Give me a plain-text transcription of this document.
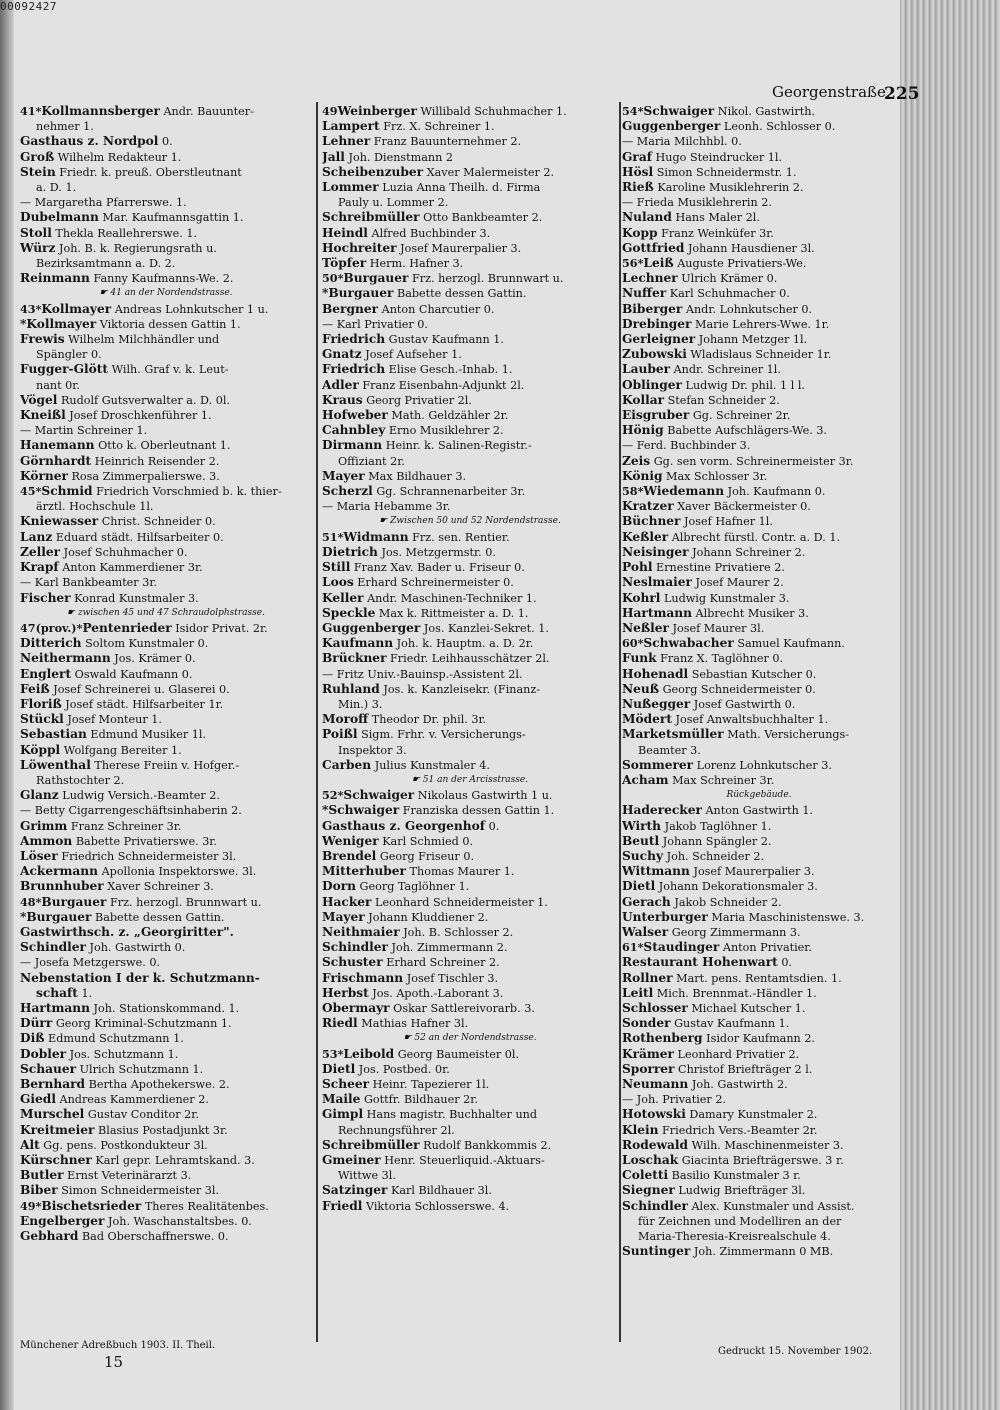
00092427
Georgenstraße.
225
41*Kollmannsberger Andr. Bauunter-
nehmer 1.
Gasthaus z. Nordpol 0.
Groß Wilhelm Redakteur 1.
Stein Friedr. k. preuß. Oberstleutnant
a. D. 1.
— Margaretha Pfarrerswe. 1.
Dubelmann Mar. Kaufmannsgattin 1.
Stoll Thekla Reallehrerswe. 1.
Würz Joh. B. k. Regierungsrath u.
Bezirksamtmann a. D. 2.
Reinmann Fanny Kaufmanns-We. 2.
☛ 41 an der Nordendstrasse.
43*Kollmayer Andreas Lohnkutscher 1 u.
*Kollmayer Viktoria dessen Gattin 1.
Frewis Wilhelm Milchhändler und
Spängler 0.
Fugger-Glött Wilh. Graf v. k. Leut-
nant 0r.
Vögel Rudolf Gutsverwalter a. D. 0l.
Kneißl Josef Droschkenführer 1.
— Martin Schreiner 1.
Hanemann Otto k. Oberleutnant 1.
Görnhardt Heinrich Reisender 2.
Körner Rosa Zimmerpalierswe. 3.
45*Schmid Friedrich Vorschmied b. k. thier-
ärztl. Hochschule 1l.
Kniewasser Christ. Schneider 0.
Lanz Eduard städt. Hilfsarbeiter 0.
Zeller Josef Schuhmacher 0.
Krapf Anton Kammerdiener 3r.
— Karl Bankbeamter 3r.
Fischer Konrad Kunstmaler 3.
☛ zwischen 45 und 47 Schraudolphstrasse.
47(prov.)*Pentenrieder Isidor Privat. 2r.
Ditterich Soltom Kunstmaler 0.
Neithermann Jos. Krämer 0.
Englert Oswald Kaufmann 0.
Feiß Josef Schreinerei u. Glaserei 0.
Floriß Josef städt. Hilfsarbeiter 1r.
Stückl Josef Monteur 1.
Sebastian Edmund Musiker 1l.
Köppl Wolfgang Bereiter 1.
Löwenthal Therese Freiin v. Hofger.-
Rathstochter 2.
Glanz Ludwig Versich.-Beamter 2.
— Betty Cigarrengeschäftsinhaberin 2.
Grimm Franz Schreiner 3r.
Ammon Babette Privatierswe. 3r.
Löser Friedrich Schneidermeister 3l.
Ackermann Apollonia Inspektorswe. 3l.
Brunnhuber Xaver Schreiner 3.
48*Burgauer Frz. herzogl. Brunnwart u.
*Burgauer Babette dessen Gattin.
Gastwirthsch. z. „Georgiritter".
Schindler Joh. Gastwirth 0.
— Josefa Metzgerswe. 0.
Nebenstation I der k. Schutzmann-
schaft 1.
Hartmann Joh. Stationskommand. 1.
Dürr Georg Kriminal-Schutzmann 1.
Diß Edmund Schutzmann 1.
Dobler Jos. Schutzmann 1.
Schauer Ulrich Schutzmann 1.
Bernhard Bertha Apothekerswe. 2.
Giedl Andreas Kammerdiener 2.
Murschel Gustav Conditor 2r.
Kreitmeier Blasius Postadjunkt 3r.
Alt Gg. pens. Postkondukteur 3l.
Kürschner Karl gepr. Lehramtskand. 3.
Butler Ernst Veterinärarzt 3.
Biber Simon Schneidermeister 3l.
49*Bischetsrieder Theres Realitätenbes.
Engelberger Joh. Waschanstaltsbes. 0.
Gebhard Bad Oberschaffnerswe. 0.
49Weinberger Willibald Schuhmacher 1.
Lampert Frz. X. Schreiner 1.
Lehner Franz Bauunternehmer 2.
Jall Joh. Dienstmann 2
Scheibenzuber Xaver Malermeister 2.
Lommer Luzia Anna Theilh. d. Firma
Pauly u. Lommer 2.
Schreibmüller Otto Bankbeamter 2.
Heindl Alfred Buchbinder 3.
Hochreiter Josef Maurerpalier 3.
Töpfer Herm. Hafner 3.
50*Burgauer Frz. herzogl. Brunnwart u.
*Burgauer Babette dessen Gattin.
Bergner Anton Charcutier 0.
— Karl Privatier 0.
Friedrich Gustav Kaufmann 1.
Gnatz Josef Aufseher 1.
Friedrich Elise Gesch.-Inhab. 1.
Adler Franz Eisenbahn-Adjunkt 2l.
Kraus Georg Privatier 2l.
Hofweber Math. Geldzähler 2r.
Cahnbley Erno Musiklehrer 2.
Dirmann Heinr. k. Salinen-Registr.-
Offiziant 2r.
Mayer Max Bildhauer 3.
Scherzl Gg. Schrannenarbeiter 3r.
— Maria Hebamme 3r.
☛ Zwischen 50 und 52 Nordendstrasse.
51*Widmann Frz. sen. Rentier.
Dietrich Jos. Metzgermstr. 0.
Still Franz Xav. Bader u. Friseur 0.
Loos Erhard Schreinermeister 0.
Keller Andr. Maschinen-Techniker 1.
Speckle Max k. Rittmeister a. D. 1.
Guggenberger Jos. Kanzlei-Sekret. 1.
Kaufmann Joh. k. Hauptm. a. D. 2r.
Brückner Friedr. Leihhausschätzer 2l.
— Fritz Univ.-Bauinsp.-Assistent 2l.
Ruhland Jos. k. Kanzleisekr. (Finanz-
Min.) 3.
Moroff Theodor Dr. phil. 3r.
Poißl Sigm. Frhr. v. Versicherungs-
Inspektor 3.
Carben Julius Kunstmaler 4.
☛ 51 an der Arcisstrasse.
52*Schwaiger Nikolaus Gastwirth 1 u.
*Schwaiger Franziska dessen Gattin 1.
Gasthaus z. Georgenhof 0.
Weniger Karl Schmied 0.
Brendel Georg Friseur 0.
Mitterhuber Thomas Maurer 1.
Dorn Georg Taglöhner 1.
Hacker Leonhard Schneidermeister 1.
Mayer Johann Kluddiener 2.
Neithmaier Joh. B. Schlosser 2.
Schindler Joh. Zimmermann 2.
Schuster Erhard Schreiner 2.
Frischmann Josef Tischler 3.
Herbst Jos. Apoth.-Laborant 3.
Obermayr Oskar Sattlereivorarb. 3.
Riedl Mathias Hafner 3l.
☛ 52 an der Nordendstrasse.
53*Leibold Georg Baumeister 0l.
Dietl Jos. Postbed. 0r.
Scheer Heinr. Tapezierer 1l.
Maile Gottfr. Bildhauer 2r.
Gimpl Hans magistr. Buchhalter und
Rechnungsführer 2l.
Schreibmüller Rudolf Bankkommis 2.
Gmeiner Henr. Steuerliquid.-Aktuars-
Wittwe 3l.
Satzinger Karl Bildhauer 3l.
Friedl Viktoria Schlosserswe. 4.
54*Schwaiger Nikol. Gastwirth.
Guggenberger Leonh. Schlosser 0.
— Maria Milchhbl. 0.
Graf Hugo Steindrucker 1l.
Hösl Simon Schneidermstr. 1.
Rieß Karoline Musiklehrerin 2.
— Frieda Musiklehrerin 2.
Nuland Hans Maler 2l.
Kopp Franz Weinküfer 3r.
Gottfried Johann Hausdiener 3l.
56*Leiß Auguste Privatiers-We.
Lechner Ulrich Krämer 0.
Nuffer Karl Schuhmacher 0.
Biberger Andr. Lohnkutscher 0.
Drebinger Marie Lehrers-Wwe. 1r.
Gerleigner Johann Metzger 1l.
Zubowski Wladislaus Schneider 1r.
Lauber Andr. Schreiner 1l.
Oblinger Ludwig Dr. phil. 1 l l.
Kollar Stefan Schneider 2.
Eisgruber Gg. Schreiner 2r.
Hönig Babette Aufschlägers-We. 3.
— Ferd. Buchbinder 3.
Zeis Gg. sen vorm. Schreinermeister 3r.
König Max Schlosser 3r.
58*Wiedemann Joh. Kaufmann 0.
Kratzer Xaver Bäckermeister 0.
Büchner Josef Hafner 1l.
Keßler Albrecht fürstl. Contr. a. D. 1.
Neisinger Johann Schreiner 2.
Pohl Ernestine Privatiere 2.
Neslmaier Josef Maurer 2.
Kohrl Ludwig Kunstmaler 3.
Hartmann Albrecht Musiker 3.
Neßler Josef Maurer 3l.
60*Schwabacher Samuel Kaufmann.
Funk Franz X. Taglöhner 0.
Hohenadl Sebastian Kutscher 0.
Neuß Georg Schneidermeister 0.
Nußegger Josef Gastwirth 0.
Mödert Josef Anwaltsbuchhalter 1.
Marketsmüller Math. Versicherungs-
Beamter 3.
Sommerer Lorenz Lohnkutscher 3.
Acham Max Schreiner 3r.
Rückgebäude.
Haderecker Anton Gastwirth 1.
Wirth Jakob Taglöhner 1.
Beutl Johann Spängler 2.
Suchy Joh. Schneider 2.
Wittmann Josef Maurerpalier 3.
Dietl Johann Dekorationsmaler 3.
Gerach Jakob Schneider 2.
Unterburger Maria Maschinistenswe. 3.
Walser Georg Zimmermann 3.
61*Staudinger Anton Privatier.
Restaurant Hohenwart 0.
Rollner Mart. pens. Rentamtsdien. 1.
Leitl Mich. Brennmat.-Händler 1.
Schlosser Michael Kutscher 1.
Sonder Gustav Kaufmann 1.
Rothenberg Isidor Kaufmann 2.
Krämer Leonhard Privatier 2.
Sporrer Christof Briefträger 2 l.
Neumann Joh. Gastwirth 2.
— Joh. Privatier 2.
Hotowski Damary Kunstmaler 2.
Klein Friedrich Vers.-Beamter 2r.
Rodewald Wilh. Maschinenmeister 3.
Loschak Giacinta Briefträgerswe. 3 r.
Coletti Basilio Kunstmaler 3 r.
Siegner Ludwig Briefträger 3l.
Schindler Alex. Kunstmaler und Assist.
für Zeichnen und Modelliren an der
Maria-Theresia-Kreisrealschule 4.
Suntinger Joh. Zimmermann 0 MB.
Münchener Adreßbuch 1903. II. Theil.
15
Gedruckt 15. November 1902.
